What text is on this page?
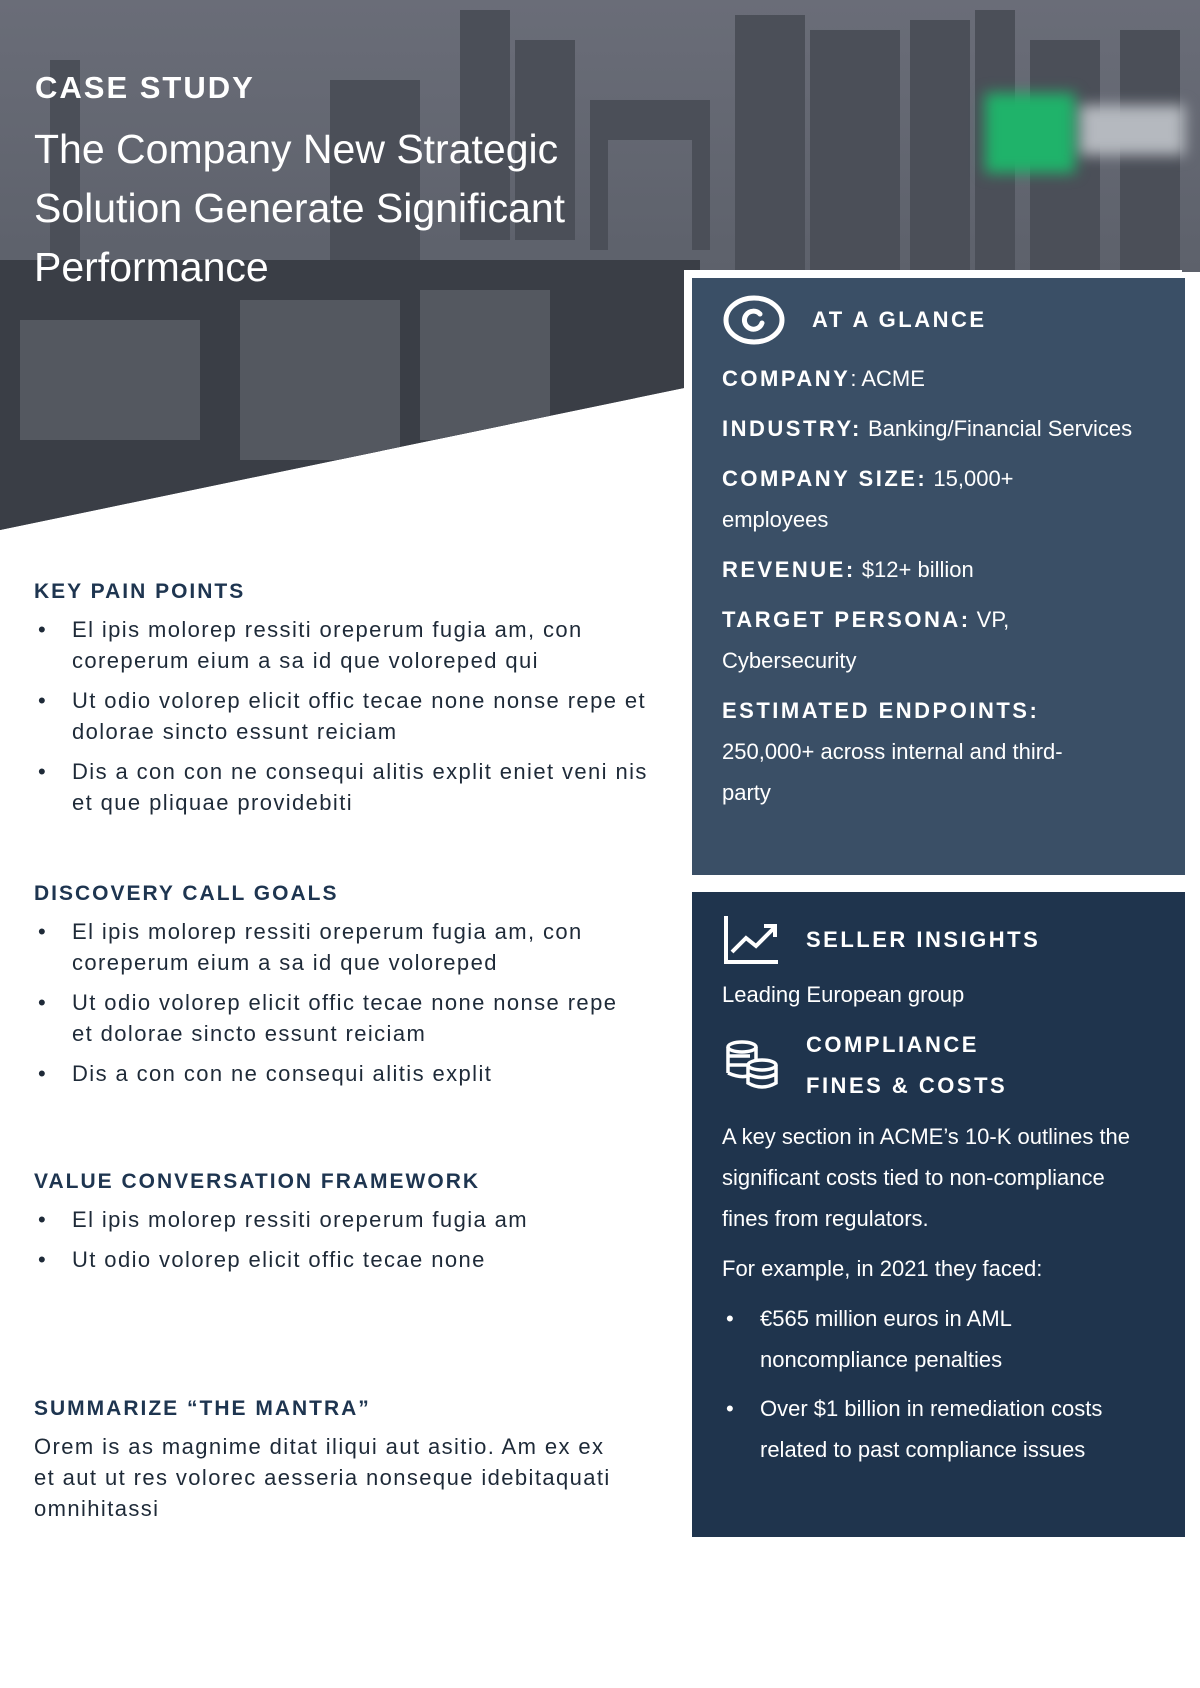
CASE STUDY
The Company New Strategic Solution Generate Significant Performance
KEY PAIN POINTS
• El ipis molorep ressiti oreperum fugia am, con coreperum eium a sa id que voloreped qui
• Ut odio volorep elicit offic tecae none nonse repe et dolorae sincto essunt reiciam
• Dis a con con ne consequi alitis explit eniet veni nis et que pliquae providebiti
DISCOVERY CALL GOALS
• El ipis molorep ressiti oreperum fugia am, con coreperum eium a sa id que voloreped
• Ut odio volorep elicit offic tecae none nonse repe et dolorae sincto essunt reiciam
• Dis a con con ne consequi alitis explit
VALUE CONVERSATION FRAMEWORK
• El ipis molorep ressiti oreperum fugia am
• Ut odio volorep elicit offic tecae none
SUMMARIZE “THE MANTRA”
Orem is as magnime ditat iliqui aut asitio. Am ex ex et aut ut res volorec aesseria nonseque idebitaquati omnihitassi
AT A GLANCE
COMPANY: ACME
INDUSTRY: Banking/Financial Services
COMPANY SIZE: 15,000+ employees
REVENUE: $12+ billion
TARGET PERSONA: VP, Cybersecurity
ESTIMATED ENDPOINTS: 250,000+ across internal and third-party
SELLER INSIGHTS
Leading European group
COMPLIANCE
FINES & COSTS
A key section in ACME’s 10-K outlines the significant costs tied to non-compliance fines from regulators.
For example, in 2021 they faced:
• €565 million euros in AML noncompliance penalties
• Over $1 billion in remediation costs related to past compliance issues
